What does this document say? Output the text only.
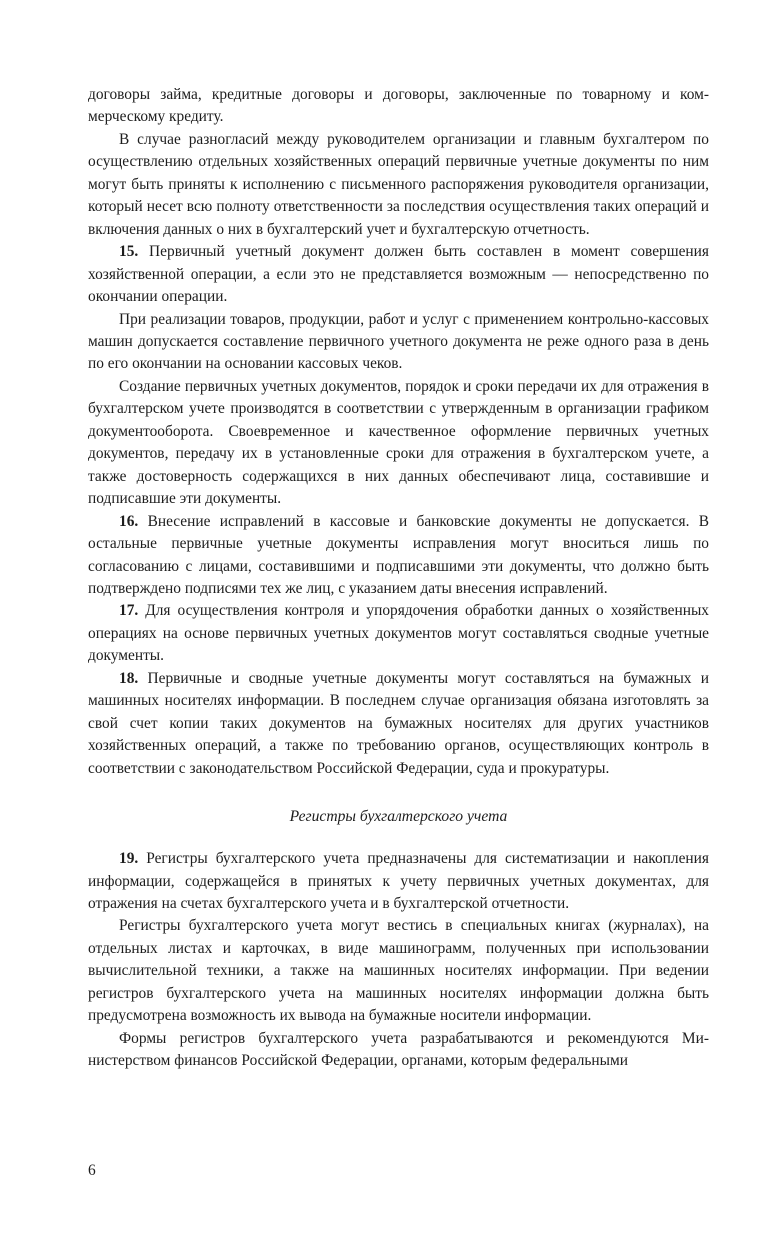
договоры займа, кредитные договоры и договоры, заключенные по товарному и коммерческому кредиту.

В случае разногласий между руководителем организации и главным бухгалтером по осуществлению отдельных хозяйственных операций первичные учетные документы по ним могут быть приняты к исполнению с письменного распоряжения руководителя организации, который несет всю полноту ответственности за последствия осуществления таких операций и включения данных о них в бухгалтерский учет и бухгалтерскую отчетность.

15. Первичный учетный документ должен быть составлен в момент совершения хозяйственной операции, а если это не представляется возможным — непосредственно по окончании операции.

При реализации товаров, продукции, работ и услуг с применением контрольно-кассовых машин допускается составление первичного учетного документа не реже одного раза в день по его окончании на основании кассовых чеков.

Создание первичных учетных документов, порядок и сроки передачи их для отражения в бухгалтерском учете производятся в соответствии с утвержденным в организации графиком документооборота. Своевременное и качественное оформление первичных учетных документов, передачу их в установленные сроки для отражения в бухгалтерском учете, а также достоверность содержащихся в них данных обеспечивают лица, составившие и подписавшие эти документы.

16. Внесение исправлений в кассовые и банковские документы не допускается. В остальные первичные учетные документы исправления могут вноситься лишь по согласованию с лицами, составившими и подписавшими эти документы, что должно быть подтверждено подписями тех же лиц, с указанием даты внесения исправлений.

17. Для осуществления контроля и упорядочения обработки данных о хозяйственных операциях на основе первичных учетных документов могут составляться сводные учетные документы.

18. Первичные и сводные учетные документы могут составляться на бумажных и машинных носителях информации. В последнем случае организация обязана изготовлять за свой счет копии таких документов на бумажных носителях для других участников хозяйственных операций, а также по требованию органов, осуществляющих контроль в соответствии с законодательством Российской Федерации, суда и прокуратуры.

Регистры бухгалтерского учета

19. Регистры бухгалтерского учета предназначены для систематизации и накопления информации, содержащейся в принятых к учету первичных учетных документах, для отражения на счетах бухгалтерского учета и в бухгалтерской отчетности.

Регистры бухгалтерского учета могут вестись в специальных книгах (журналах), на отдельных листах и карточках, в виде машинограмм, полученных при использовании вычислительной техники, а также на машинных носителях информации. При ведении регистров бухгалтерского учета на машинных носителях информации должна быть предусмотрена возможность их вывода на бумажные носители информации.

Формы регистров бухгалтерского учета разрабатываются и рекомендуются Министерством финансов Российской Федерации, органами, которым федеральными

6
